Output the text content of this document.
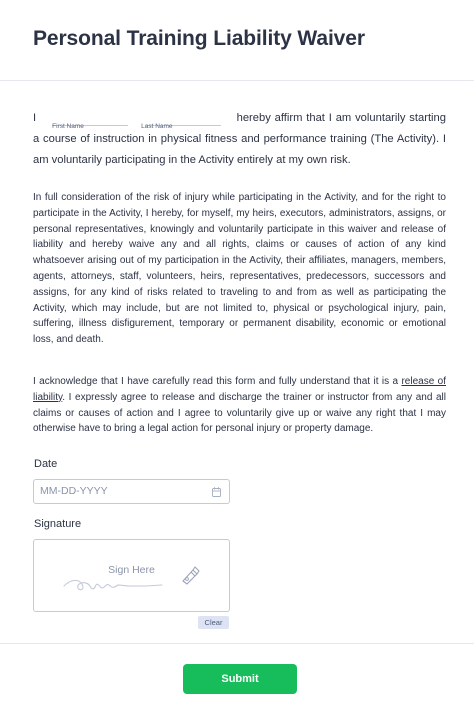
Personal Training Liability Waiver
I
First Name	Last Name
hereby affirm that I am voluntarily starting a course of instruction in physical fitness and performance training (The Activity). I am voluntarily participating in the Activity entirely at my own risk.
In full consideration of the risk of injury while participating in the Activity, and for the right to participate in the Activity, I hereby, for myself, my heirs, executors, administrators, assigns, or personal representatives, knowingly and voluntarily participate in this waiver and release of liability and hereby waive any and all rights, claims or causes of action of any kind whatsoever arising out of my participation in the Activity, their affiliates, managers, members, agents, attorneys, staff, volunteers, heirs, representatives, predecessors, successors and assigns, for any kind of risks related to traveling to and from as well as participating the Activity, which may include, but are not limited to, physical or psychological injury, pain, suffering, illness disfigurement, temporary or permanent disability, economic or emotional loss, and death.
I acknowledge that I have carefully read this form and fully understand that it is a release of liability. I expressly agree to release and discharge the trainer or instructor from any and all claims or causes of action and I agree to voluntarily give up or waive any right that I may otherwise have to bring a legal action for personal injury or property damage.
Date
MM-DD-YYYY
Signature
Sign Here
Clear
Submit
